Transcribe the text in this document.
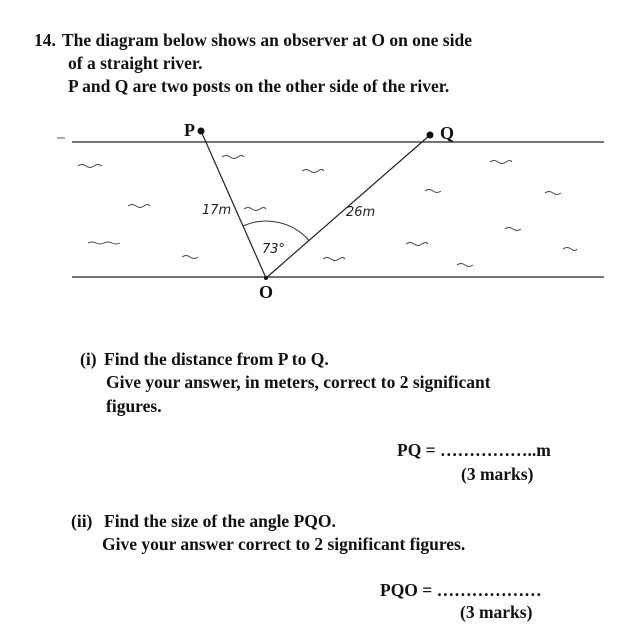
14. The diagram below shows an observer at O on one side
of a straight river.
P and Q are two posts on the other side of the river.
P	Q
O
17m	26m
73°
(i) Find the distance from P to Q.
Give your answer, in meters, correct to 2 significant
figures.
PQ = ……………..m
(3 marks)
(ii) Find the size of the angle PQO.
Give your answer correct to 2 significant figures.
PQO = ………………
(3 marks)
